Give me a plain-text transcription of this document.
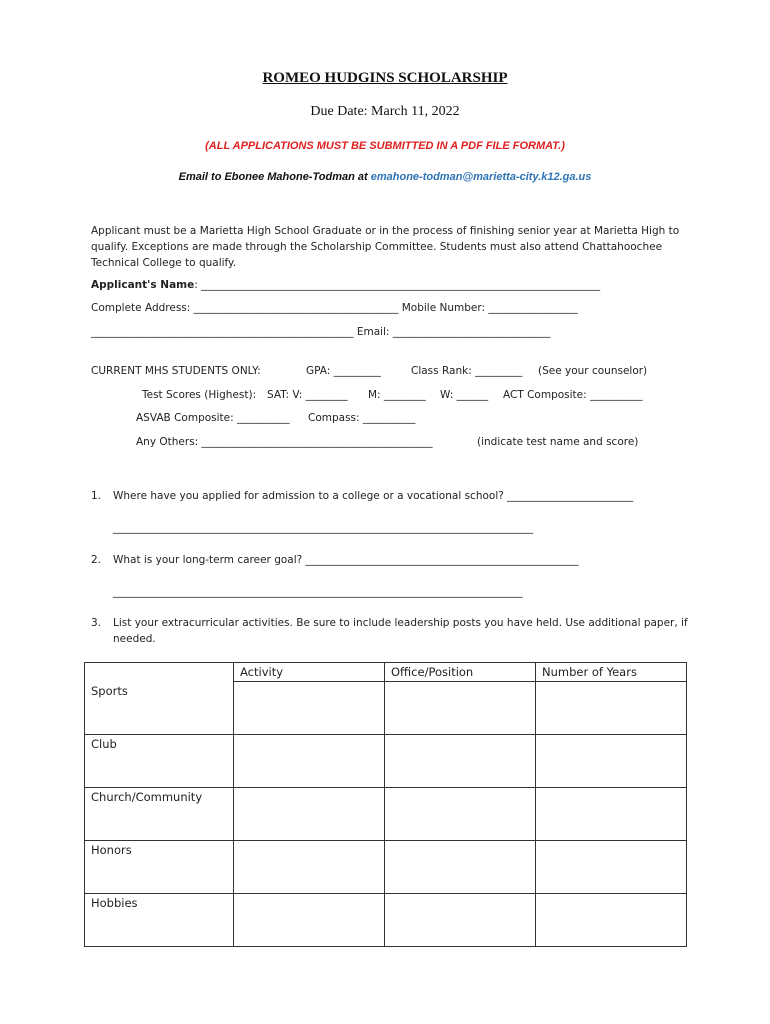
ROMEO HUDGINS SCHOLARSHIP
Due Date: March 11, 2022
(ALL APPLICATIONS MUST BE SUBMITTED IN A PDF FILE FORMAT.)
Email to Ebonee Mahone-Todman at emahone-todman@marietta-city.k12.ga.us
Applicant must be a Marietta High School Graduate or in the process of finishing senior year at Marietta High to qualify. Exceptions are made through the Scholarship Committee. Students must also attend Chattahoochee Technical College to qualify.
Applicant's Name: ____________________________________________________________________________
Complete Address: _______________________________________ Mobile Number: _________________
__________________________________________________ Email: ______________________________
CURRENT MHS STUDENTS ONLY:	GPA: _________	Class Rank: _________ (See your counselor)
Test Scores (Highest): SAT: V: ________ M: ________ W: ______ ACT Composite: __________
ASVAB Composite: __________ Compass: __________
Any Others: ____________________________________________	(indicate test name and score)
1. Where have you applied for admission to a college or a vocational school? ________________________
________________________________________________________________________________
2. What is your long-term career goal? ____________________________________________________
______________________________________________________________________________
3. List your extracurricular activities. Be sure to include leadership posts you have held. Use additional paper, if
needed.
	Activity	Office/Position	Number of Years
Sports			
Club			
Church/Community			
Honors			
Hobbies			
